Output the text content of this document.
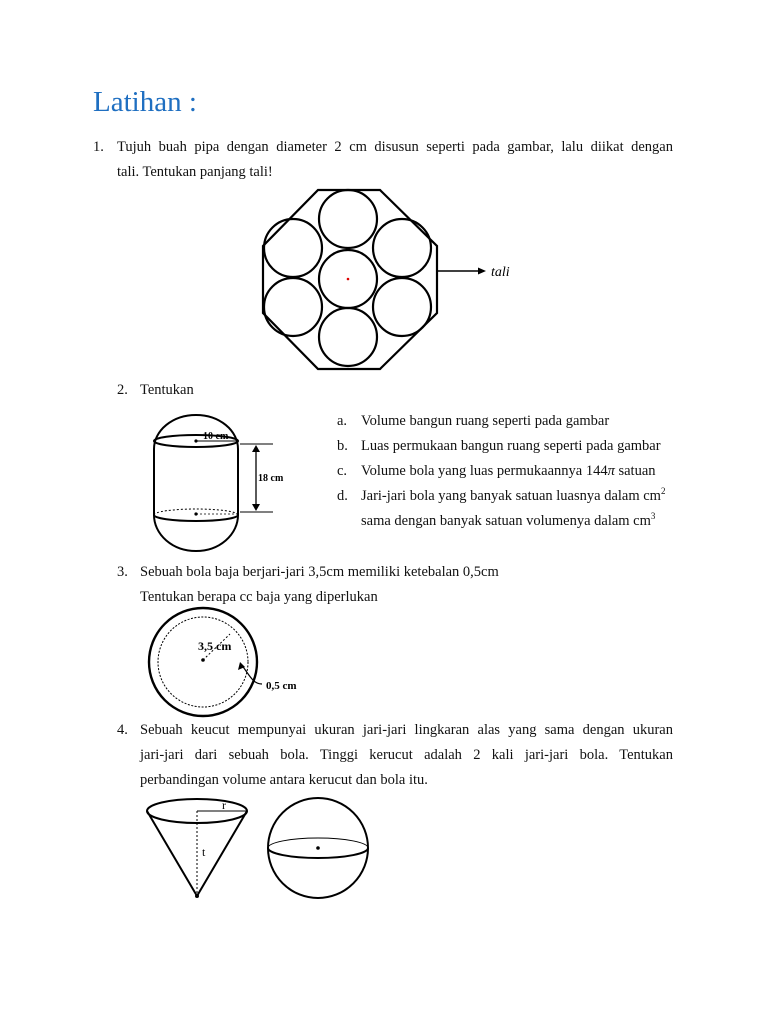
Latihan :
1. Tujuh buah pipa dengan diameter 2 cm disusun seperti pada gambar, lalu diikat dengan
tali. Tentukan panjang tali!
tali
2. Tentukan
10 cm
18 cm
a. Volume bangun ruang seperti pada gambar
b. Luas permukaan bangun ruang seperti pada gambar
c. Volume bola yang luas permukaannya 144π satuan
d. Jari-jari bola yang banyak satuan luasnya dalam $cm^2$
sama dengan banyak satuan volumenya dalam $cm^3$
3. Sebuah bola baja berjari-jari 3,5cm memiliki ketebalan 0,5cm
Tentukan berapa cc baja yang diperlukan
3,5 cm
0,5 cm
4. Sebuah keucut mempunyai ukuran jari-jari lingkaran alas yang sama dengan ukuran
jari-jari dari sebuah bola. Tinggi kerucut adalah 2 kali jari-jari bola. Tentukan
perbandingan volume antara kerucut dan bola itu.
r
t
